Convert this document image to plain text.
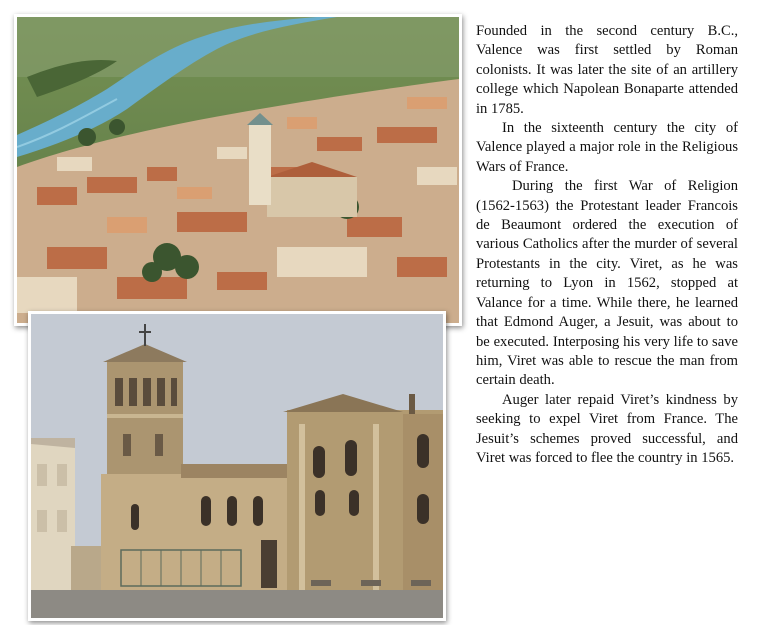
Founded in the second century B.C., Valence was first settled by Roman colonists. It was later the site of an artillery college which Napolean Bonaparte attended in 1785.

In the sixteenth century the city of Valence played a major role in the Religious Wars of France.

During the first War of Religion (1562-1563) the Protestant leader Francois de Beaumont ordered the execution of various Catholics after the murder of several Protestants in the city. Viret, as he was returning to Lyon in 1562, stopped at Valance for a time. While there, he learned that Edmond Auger, a Jesuit, was about to be executed. Interposing his very life to save him, Viret was able to rescue the man from certain death.

Auger later repaid Viret’s kindness by seeking to expel Viret from France. The Jesuit’s schemes proved successful, and Viret was forced to flee the country in 1565.
